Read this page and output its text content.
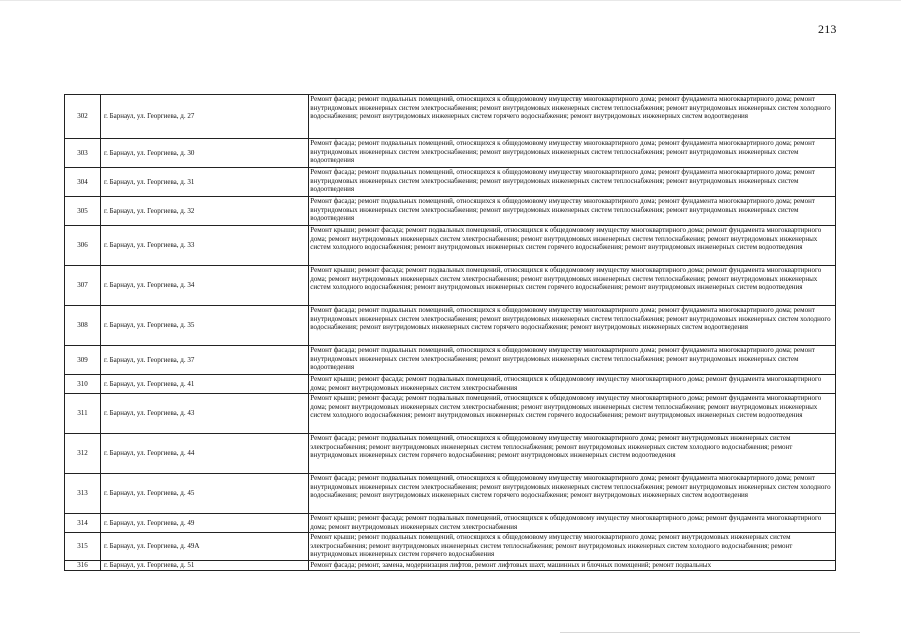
213
302	г. Барнаул, ул. Георгиева, д. 27	Ремонт фасада; ремонт подвальных помещений, относящихся к общедомовому имуществу многоквартирного дома; ремонт фундамента многоквартирного дома; ремонт внутридомовых инженерных систем электроснабжения; ремонт внутридомовых инженерных систем теплоснабжения; ремонт внутридомовых инженерных систем холодного водоснабжения; ремонт внутридомовых инженерных систем горячего водоснабжения; ремонт внутридомовых инженерных систем водоотведения

303	г. Барнаул, ул. Георгиева, д. 30	Ремонт фасада; ремонт подвальных помещений, относящихся к общедомовому имуществу многоквартирного дома; ремонт фундамента многоквартирного дома; ремонт внутридомовых инженерных систем электроснабжения; ремонт внутридомовых инженерных систем теплоснабжения; ремонт внутридомовых инженерных систем водоотведения

304	г. Барнаул, ул. Георгиева, д. 31	Ремонт фасада; ремонт подвальных помещений, относящихся к общедомовому имуществу многоквартирного дома; ремонт фундамента многоквартирного дома; ремонт внутридомовых инженерных систем электроснабжения; ремонт внутридомовых инженерных систем теплоснабжения; ремонт внутридомовых инженерных систем водоотведения

305	г. Барнаул, ул. Георгиева, д. 32	Ремонт фасада; ремонт подвальных помещений, относящихся к общедомовому имуществу многоквартирного дома; ремонт фундамента многоквартирного дома; ремонт внутридомовых инженерных систем электроснабжения; ремонт внутридомовых инженерных систем теплоснабжения; ремонт внутридомовых инженерных систем водоотведения

306	г. Барнаул, ул. Георгиева, д. 33	Ремонт крыши; ремонт фасада; ремонт подвальных помещений, относящихся к общедомовому имуществу многоквартирного дома; ремонт фундамента многоквартирного дома; ремонт внутридомовых инженерных систем электроснабжения; ремонт внутридомовых инженерных систем теплоснабжения; ремонт внутридомовых инженерных систем холодного водоснабжения; ремонт внутридомовых инженерных систем горячего водоснабжения; ремонт внутридомовых инженерных систем водоотведения

307	г. Барнаул, ул. Георгиева, д. 34	Ремонт крыши; ремонт фасада; ремонт подвальных помещений, относящихся к общедомовому имуществу многоквартирного дома; ремонт фундамента многоквартирного дома; ремонт внутридомовых инженерных систем электроснабжения; ремонт внутридомовых инженерных систем теплоснабжения; ремонт внутридомовых инженерных систем холодного водоснабжения; ремонт внутридомовых инженерных систем горячего водоснабжения; ремонт внутридомовых инженерных систем водоотведения

308	г. Барнаул, ул. Георгиева, д. 35	Ремонт фасада; ремонт подвальных помещений, относящихся к общедомовому имуществу многоквартирного дома; ремонт фундамента многоквартирного дома; ремонт внутридомовых инженерных систем электроснабжения; ремонт внутридомовых инженерных систем теплоснабжения; ремонт внутридомовых инженерных систем холодного водоснабжения; ремонт внутридомовых инженерных систем горячего водоснабжения; ремонт внутридомовых инженерных систем водоотведения

309	г. Барнаул, ул. Георгиева, д. 37	Ремонт фасада; ремонт подвальных помещений, относящихся к общедомовому имуществу многоквартирного дома; ремонт фундамента многоквартирного дома; ремонт внутридомовых инженерных систем электроснабжения; ремонт внутридомовых инженерных систем теплоснабжения; ремонт внутридомовых инженерных систем водоотведения

310	г. Барнаул, ул. Георгиева, д. 41	Ремонт крыши; ремонт фасада; ремонт подвальных помещений, относящихся к общедомовому имуществу многоквартирного дома; ремонт фундамента многоквартирного дома; ремонт внутридомовых инженерных систем электроснабжения

311	г. Барнаул, ул. Георгиева, д. 43	Ремонт крыши; ремонт фасада; ремонт подвальных помещений, относящихся к общедомовому имуществу многоквартирного дома; ремонт фундамента многоквартирного дома; ремонт внутридомовых инженерных систем электроснабжения; ремонт внутридомовых инженерных систем теплоснабжения; ремонт внутридомовых инженерных систем холодного водоснабжения; ремонт внутридомовых инженерных систем горячего водоснабжения; ремонт внутридомовых инженерных систем водоотведения

312	г. Барнаул, ул. Георгиева, д. 44	Ремонт фасада; ремонт подвальных помещений, относящихся к общедомовому имуществу многоквартирного дома; ремонт внутридомовых инженерных систем электроснабжения; ремонт внутридомовых инженерных систем теплоснабжения; ремонт внутридомовых инженерных систем холодного водоснабжения; ремонт внутридомовых инженерных систем горячего водоснабжения; ремонт внутридомовых инженерных систем водоотведения

313	г. Барнаул, ул. Георгиева, д. 45	Ремонт фасада; ремонт подвальных помещений, относящихся к общедомовому имуществу многоквартирного дома; ремонт фундамента многоквартирного дома; ремонт внутридомовых инженерных систем электроснабжения; ремонт внутридомовых инженерных систем теплоснабжения; ремонт внутридомовых инженерных систем холодного водоснабжения; ремонт внутридомовых инженерных систем горячего водоснабжения; ремонт внутридомовых инженерных систем водоотведения

314	г. Барнаул, ул. Георгиева, д. 49	Ремонт крыши; ремонт фасада; ремонт подвальных помещений, относящихся к общедомовому имуществу многоквартирного дома; ремонт фундамента многоквартирного дома; ремонт внутридомовых инженерных систем электроснабжения

315	г. Барнаул, ул. Георгиева, д. 49А	Ремонт крыши; ремонт подвальных помещений, относящихся к общедомовому имуществу многоквартирного дома; ремонт внутридомовых инженерных систем электроснабжения; ремонт внутридомовых инженерных систем теплоснабжения; ремонт внутридомовых инженерных систем холодного водоснабжения; ремонт внутридомовых инженерных систем горячего водоснабжения

316	г. Барнаул, ул. Георгиева, д. 51	Ремонт фасада; ремонт, замена, модернизация лифтов, ремонт лифтовых шахт, машинных и блочных помещений; ремонт подвальных
